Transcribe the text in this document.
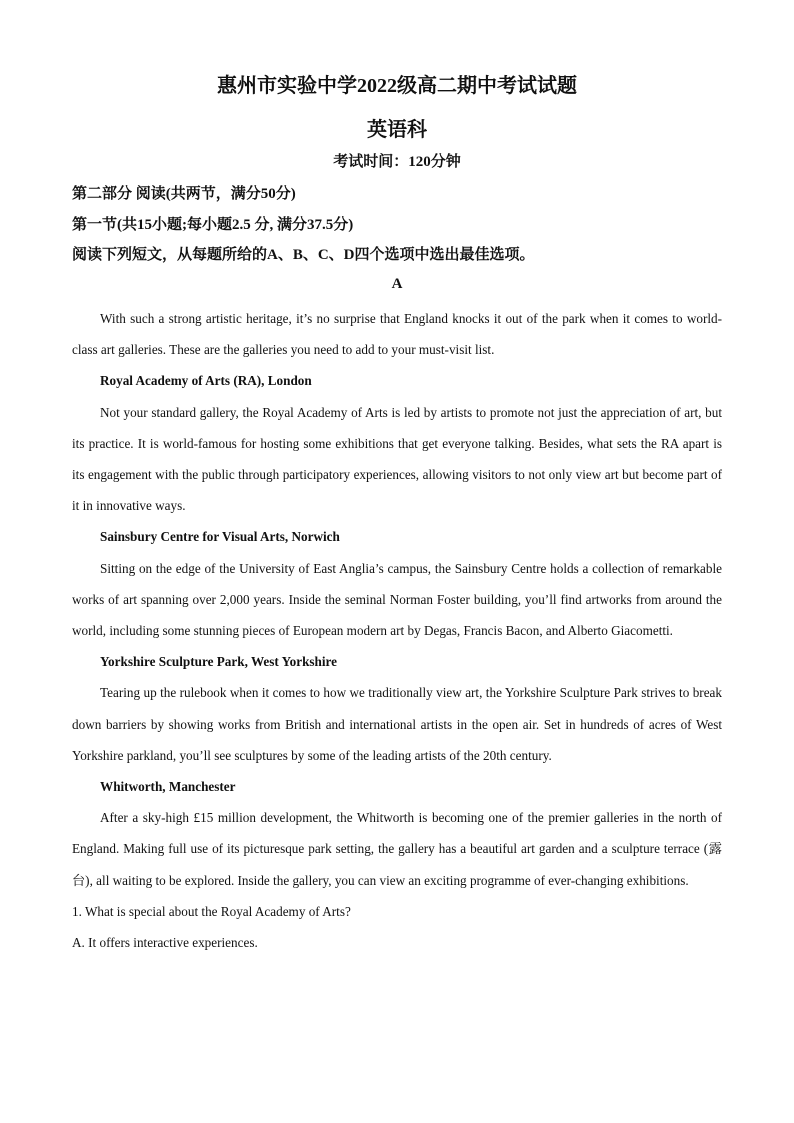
惠州市实验中学2022级高二期中考试试题
英语科
考试时间：120分钟
第二部分 阅读(共两节，满分50分)
第一节(共15小题;每小题2.5 分, 满分37.5分)
阅读下列短文，从每题所给的A、B、C、D四个选项中选出最佳选项。
A

With such a strong artistic heritage, it’s no surprise that England knocks it out of the park when it comes to world-class art galleries. These are the galleries you need to add to your must-visit list.

Royal Academy of Arts (RA), London

Not your standard gallery, the Royal Academy of Arts is led by artists to promote not just the appreciation of art, but its practice. It is world-famous for hosting some exhibitions that get everyone talking. Besides, what sets the RA apart is its engagement with the public through participatory experiences, allowing visitors to not only view art but become part of it in innovative ways.

Sainsbury Centre for Visual Arts, Norwich

Sitting on the edge of the University of East Anglia’s campus, the Sainsbury Centre holds a collection of remarkable works of art spanning over 2,000 years. Inside the seminal Norman Foster building, you’ll find artworks from around the world, including some stunning pieces of European modern art by Degas, Francis Bacon, and Alberto Giacometti.

Yorkshire Sculpture Park, West Yorkshire

Tearing up the rulebook when it comes to how we traditionally view art, the Yorkshire Sculpture Park strives to break down barriers by showing works from British and international artists in the open air. Set in hundreds of acres of West Yorkshire parkland, you’ll see sculptures by some of the leading artists of the 20th century.

Whitworth, Manchester

After a sky-high £15 million development, the Whitworth is becoming one of the premier galleries in the north of England. Making full use of its picturesque park setting, the gallery has a beautiful art garden and a sculpture terrace (露台), all waiting to be explored. Inside the gallery, you can view an exciting programme of ever-changing exhibitions.

1. What is special about the Royal Academy of Arts?

A. It offers interactive experiences.
